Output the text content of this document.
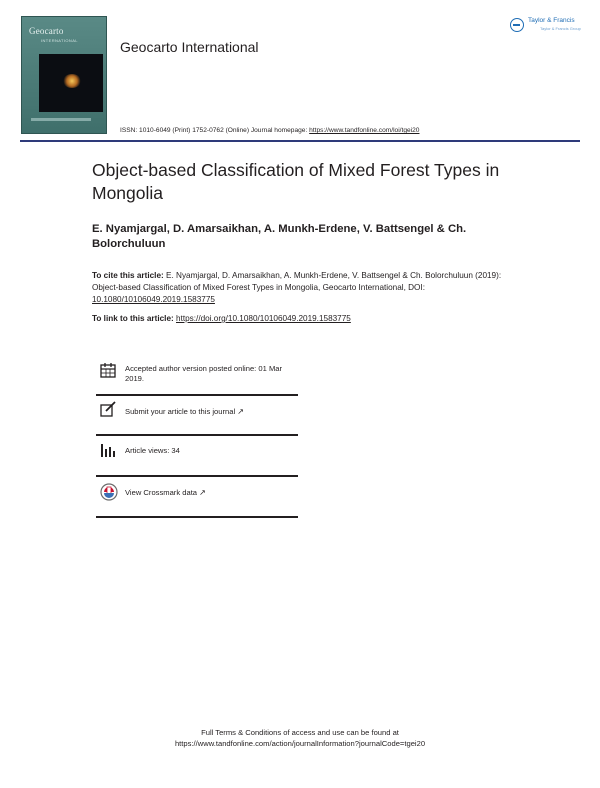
Geocarto
INTERNATIONAL	Geocarto International
Taylor & Francis
Taylor & Francis Group
ISSN: 1010-6049 (Print) 1752-0762 (Online) Journal homepage: https://www.tandfonline.com/loi/tgei20
Object-based Classification of Mixed Forest Types in Mongolia
E. Nyamjargal, D. Amarsaikhan, A. Munkh-Erdene, V. Battsengel & Ch. Bolorchuluun
To cite this article: E. Nyamjargal, D. Amarsaikhan, A. Munkh-Erdene, V. Battsengel & Ch. Bolorchuluun (2019): Object-based Classification of Mixed Forest Types in Mongolia, Geocarto International, DOI: 10.1080/10106049.2019.1583775
To link to this article: https://doi.org/10.1080/10106049.2019.1583775
Accepted author version posted online: 01 Mar 2019.
Submit your article to this journal ↗
Article views: 34
View Crossmark data ↗
Full Terms & Conditions of access and use can be found at
https://www.tandfonline.com/action/journalInformation?journalCode=tgei20
